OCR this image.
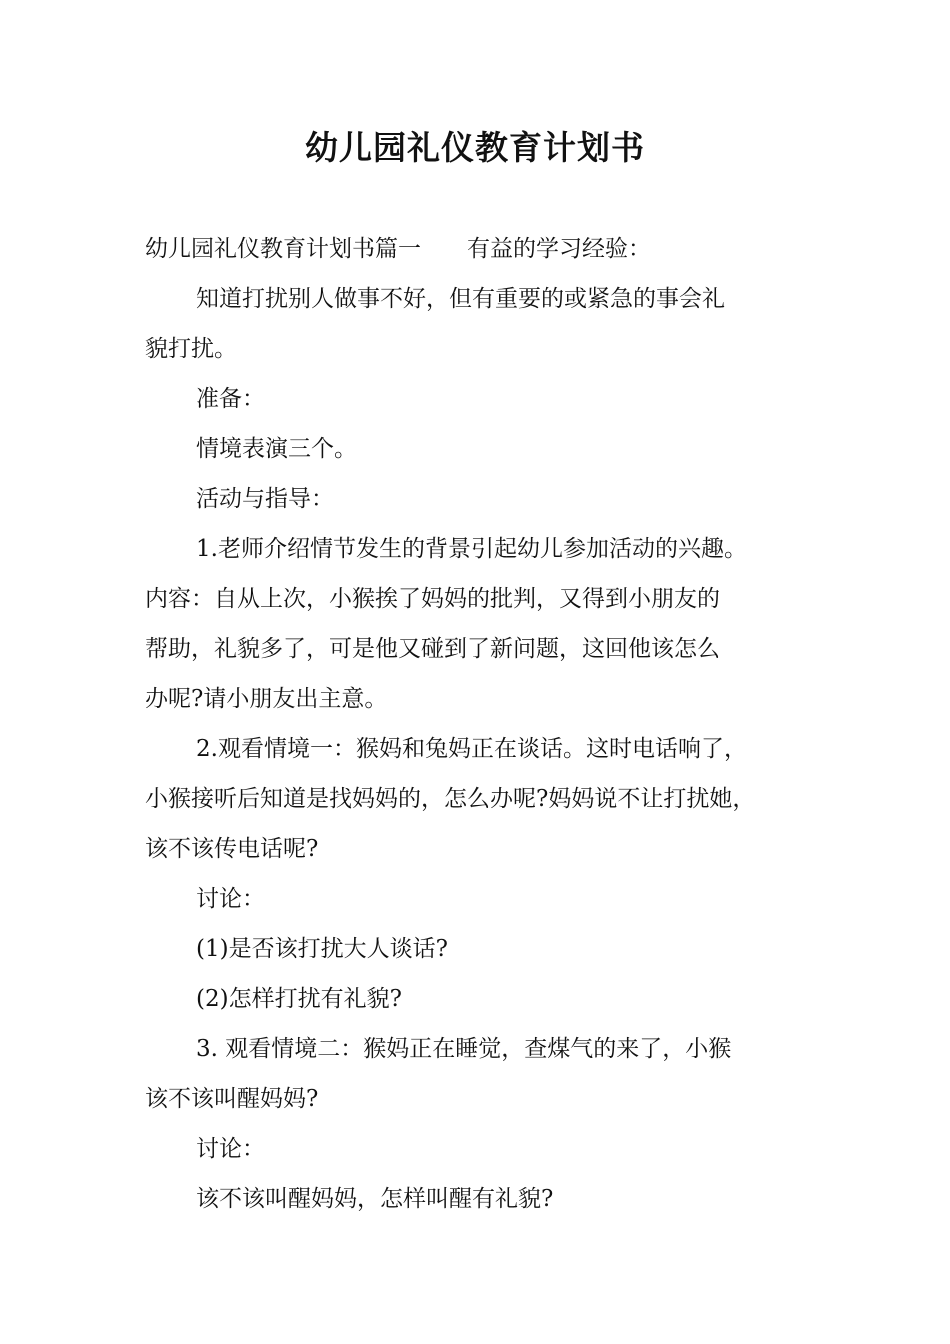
幼儿园礼仪教育计划书
幼儿园礼仪教育计划书篇一　　有益的学习经验：
知道打扰别人做事不好，但有重要的或紧急的事会礼
貌打扰。
准备：
情境表演三个。
活动与指导：
1.老师介绍情节发生的背景引起幼儿参加活动的兴趣。
内容：自从上次，小猴挨了妈妈的批判，又得到小朋友的
帮助，礼貌多了，可是他又碰到了新问题，这回他该怎么
办呢?请小朋友出主意。
2.观看情境一：猴妈和兔妈正在谈话。这时电话响了，
小猴接听后知道是找妈妈的，怎么办呢?妈妈说不让打扰她，
该不该传电话呢?
讨论：
(1)是否该打扰大人谈话?
(2)怎样打扰有礼貌?
3. 观看情境二：猴妈正在睡觉，查煤气的来了，小猴
该不该叫醒妈妈?
讨论：
该不该叫醒妈妈，怎样叫醒有礼貌?
